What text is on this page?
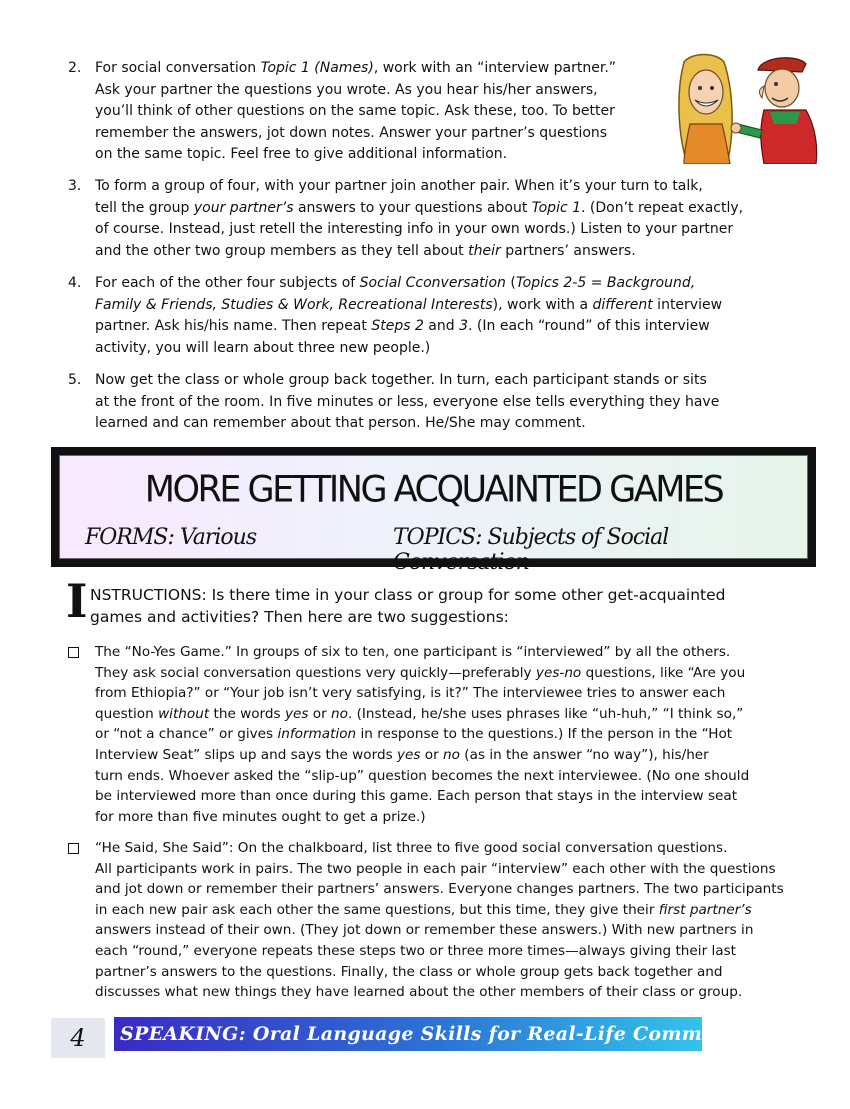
2. For social conversation Topic 1 (Names), work with an “interview partner.”
Ask your partner the questions you wrote. As you hear his/her answers,
you’ll think of other questions on the same topic. Ask these, too. To better
remember the answers, jot down notes. Answer your partner’s questions
on the same topic. Feel free to give additional information.
3. To form a group of four, with your partner join another pair. When it’s your turn to talk,
tell the group your partner’s answers to your questions about Topic 1. (Don’t repeat exactly,
of course. Instead, just retell the interesting info in your own words.) Listen to your partner
and the other two group members as they tell about their partners’ answers.
4. For each of the other four subjects of Social Cconversation (Topics 2-5 = Background,
Family & Friends, Studies & Work, Recreational Interests), work with a different interview
partner. Ask his/his name. Then repeat Steps 2 and 3. (In each “round” of this interview
activity, you will learn about three new people.)
5. Now get the class or whole group back together. In turn, each participant stands or sits
at the front of the room. In five minutes or less, everyone else tells everything they have
learned and can remember about that person. He/She may comment.
MORE GETTING ACQUAINTED GAMES
FORMS: Various	TOPICS: Subjects of Social Conversation
I NSTRUCTIONS: Is there time in your class or group for some other get-acquainted
games and activities? Then here are two suggestions:
The “No-Yes Game.” In groups of six to ten, one participant is “interviewed” by all the others.
They ask social conversation questions very quickly—preferably yes-no questions, like “Are you
from Ethiopia?” or “Your job isn’t very satisfying, is it?” The interviewee tries to answer each
question without the words yes or no. (Instead, he/she uses phrases like “uh-huh,” “I think so,”
or “not a chance” or gives information in response to the questions.) If the person in the “Hot
Interview Seat” slips up and says the words yes or no (as in the answer “no way”), his/her
turn ends. Whoever asked the “slip-up” question becomes the next interviewee. (No one should
be interviewed more than once during this game. Each person that stays in the interview seat
for more than five minutes ought to get a prize.)
“He Said, She Said”: On the chalkboard, list three to five good social conversation questions.
All participants work in pairs. The two people in each pair “interview” each other with the questions
and jot down or remember their partners’ answers. Everyone changes partners. The two participants
in each new pair ask each other the same questions, but this time, they give their first partner’s
answers instead of their own. (They jot down or remember these answers.) With new partners in
each “round,” everyone repeats these steps two or three more times—always giving their last
partner’s answers to the questions. Finally, the class or whole group gets back together and
discusses what new things they have learned about the other members of their class or group.
4	SPEAKING: Oral Language Skills for Real-Life Communication
